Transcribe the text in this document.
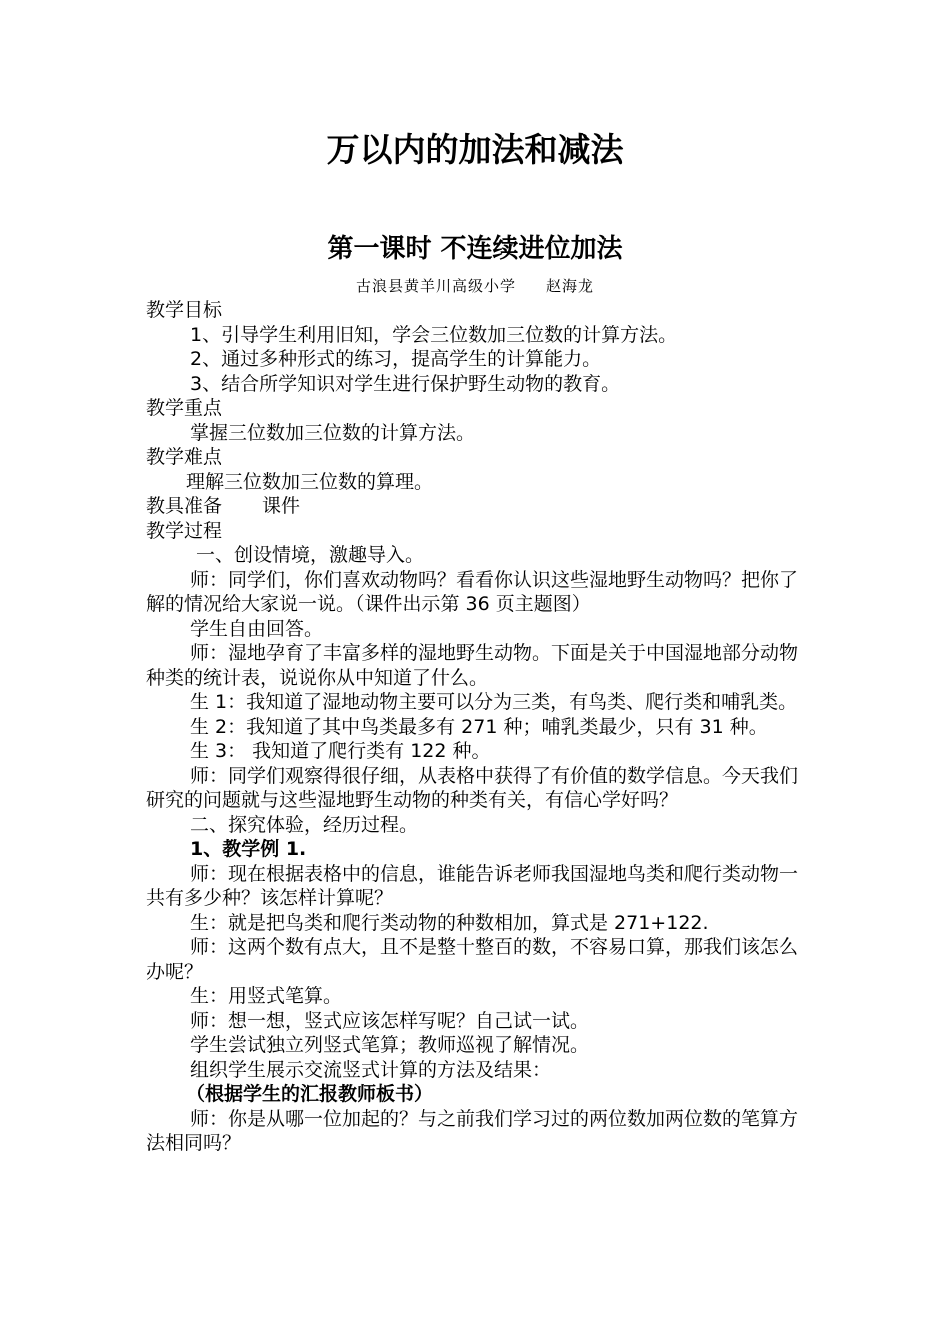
万以内的加法和减法
第一课时 不连续进位加法
古浪县黄羊川高级小学 赵海龙

教学目标

1、引导学生利用旧知，学会三位数加三位数的计算方法。

2、通过多种形式的练习，提高学生的计算能力。

3、结合所学知识对学生进行保护野生动物的教育。

教学重点

掌握三位数加三位数的计算方法。

教学难点

理解三位数加三位数的算理。

教具准备 课件

教学过程

一、创设情境，激趣导入。

师：同学们，你们喜欢动物吗？看看你认识这些湿地野生动物吗？把你了解的情况给大家说一说。（课件出示第 36 页主题图）

学生自由回答。

师：湿地孕育了丰富多样的湿地野生动物。下面是关于中国湿地部分动物种类的统计表，说说你从中知道了什么。

生 1：我知道了湿地动物主要可以分为三类，有鸟类、爬行类和哺乳类。

生 2：我知道了其中鸟类最多有 271 种；哺乳类最少，只有 31 种。

生 3： 我知道了爬行类有 122 种。

师：同学们观察得很仔细，从表格中获得了有价值的数学信息。今天我们研究的问题就与这些湿地野生动物的种类有关，有信心学好吗？

二、探究体验，经历过程。

1、教学例 1.

师：现在根据表格中的信息，谁能告诉老师我国湿地鸟类和爬行类动物一共有多少种？该怎样计算呢？

生：就是把鸟类和爬行类动物的种数相加，算式是 271+122.

师：这两个数有点大，且不是整十整百的数，不容易口算，那我们该怎么办呢？

生：用竖式笔算。

师：想一想，竖式应该怎样写呢？自己试一试。

学生尝试独立列竖式笔算；教师巡视了解情况。

组织学生展示交流竖式计算的方法及结果：

（根据学生的汇报教师板书）

师：你是从哪一位加起的？与之前我们学习过的两位数加两位数的笔算方法相同吗？
